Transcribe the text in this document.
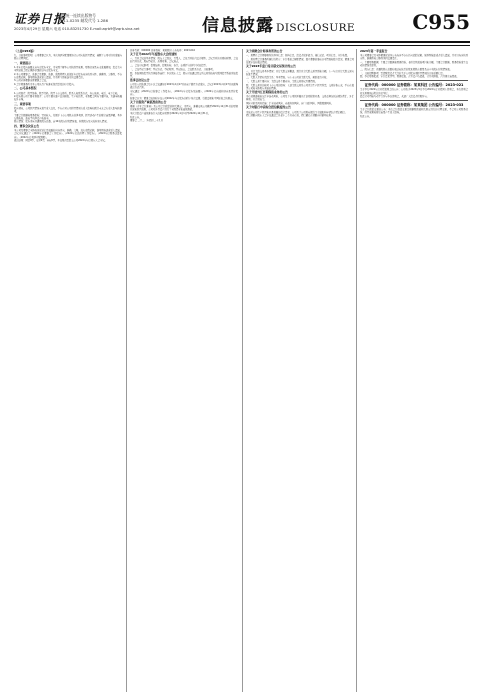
证券日报
国内统一连续出版物号
CN11-0235 邮发代号 1-286
2023年4月29日 星期六 电话 010-83251730 E-mail:zqrb9@zqrb.sina.net	信息披露 DISCLOSURE	C955

（上接C954版）

九、其他事项说明：公司董事会认为，本次利润分配预案符合公司实际经营情况，兼顾了公司可持续发展与股东合理回报。

一、重要提示

1.本年度报告摘要来自年度报告全文，为全面了解本公司的经营成果、财务状况及未来发展规划，投资者应当到证监会指定媒体仔细阅读年度报告全文。

2.本公司董事会、监事会及董事、监事、高级管理人员保证年度报告内容的真实性、准确性、完整性，不存在虚假记载、误导性陈述或重大遗漏，并承担个别和连带的法律责任。

3.公司全体董事出席董事会会议。

4.会计师事务所为本公司出具了标准无保留意见的审计报告。

二、公司基本情况

1.公司简介：股票简称、股票代码、股票上市交易所、联系人和联系方式、办公地址、电话、电子信箱。

2.报告期公司主要业务简介：公司主要从事产品的研发、生产和销售，业务覆盖国内主要区域，并逐步拓展海外市场。

三、重要事项

报告期内，公司经营情况未发生重大变化，不存在对公司经营情况有重大影响和预计未来会有重大影响的事项。

主要会计数据和财务指标：营业收入、归属于上市公司股东的净利润、经营活动产生的现金流量净额、基本每股收益、加权平均净资产收益率。

股东情况：报告期末普通股股东总数、前10名股东持股情况表、控股股东及实际控制人情况。

四、董事会决议公告

本公司及董事会全体成员保证信息披露的内容真实、准确、完整，没有虚假记载、误导性陈述或重大遗漏。

会议审议通过了《2022年度董事会工作报告》、《2022年度总经理工作报告》、《2022年度财务决算报告》、《2022年度利润分配预案》。

表决结果：同意9票，反对0票，弃权0票。本议案尚需提交公司2022年年度股东大会审议。

证券代码：000000 证券简称：某某股份 公告编号：2023-016

关于召开2022年年度股东大会的通知

一、召开会议的基本情况：股东大会届次、召集人、会议召开的合法合规性、会议召开的日期和时间、会议的召开方式、股权登记日、出席对象、会议地点。

二、会议审议事项：提案编码、提案名称、备注、该列打勾的栏目可以投票。

三、会议登记等事项：登记方式、登记时间、登记地点、会议联系方式、其他事项。

四、参加网络投票的具体操作流程：本次股东大会，股东可以通过深交所交易系统和互联网投票系统参加投票。

监事会决议公告

公司第八届监事会第十次会议通知于2023年4月17日以电子邮件方式发出，会议于2023年4月27日以现场表决方式召开。

审议通过《2022年度监事会工作报告》、《2022年年度报告及摘要》、《2022年度内部控制自我评价报告》。

监事会认为：董事会编制和审议公司2022年年度报告的程序符合法律、行政法规和中国证监会的规定。

关于计提资产减值准备的公告

根据《企业会计准则》及公司会计政策的相关规定，为真实、准确反映公司截至2022年12月31日的财务状况和经营成果，公司对各类资产进行了全面清查和减值测试。

本次计提资产减值准备计入的报告期间为2022年1月1日至2022年12月31日。

特此公告。

董事会 二〇二三年四月二十九日

关于续聘会计师事务所的公告

一、拟聘任会计师事务所的基本信息：机构信息、投资者保护能力、诚信记录、项目信息、审计收费。

二、拟续聘会计事务所履行的程序：审计委员会履职情况、独立董事的事前认可情况和独立意见、董事会对议案审议和表决情况。

关于2023年度日常关联交易预计的公告

一、日常关联交易基本情况：日常关联交易概述、预计日常关联交易类别和金额、上一年度日常关联交易实际发生情况。

二、关联人介绍和关联关系：基本情况、与上市公司的关联关系、履约能力分析。

三、关联交易主要内容：关联交易主要内容、关联交易协议签署情况。

四、关联交易目的和对上市公司的影响：上述关联交易系公司正常生产经营所需，交易价格公允，不存在损害公司和全体股东利益的情形。

关于开展外汇套期保值业务的公告

为有效规避和防范汇率波动风险，公司及子公司拟开展外汇套期保值业务，交易品种包括远期结售汇、外汇掉期、外汇期权等。

风险分析及风控措施：汇率波动风险、内部控制风险、客户违约风险、回款预测风险。

关于向银行申请综合授信额度的公告

为满足公司生产经营和业务发展的资金需求，公司及子公司拟向银行等金融机构申请综合授信额度。

授信期限自股东大会审议通过之日起十二个月内有效，授信额度在期限内可循环使用。

2023年第一季度报告

本公司董事会及全体董事保证本公告内容不存在任何虚假记载、误导性陈述或者重大遗漏，并对其内容的真实性、准确性和完整性承担法律责任。

一、主要财务数据：主要会计数据和财务指标、非经常性损益项目和金额、主要会计数据、财务指标发生变动的情况及原因。

二、股东信息：普通股股东总数和表决权恢复的优先股股东数量及前十名股东持股情况表。

三、其他提醒事项：需提醒投资者关注的关于公司报告期经营情况的其他重要信息。

四、季度财务报表：审计意见类型、财务报表、合并资产负债表、合并利润表、合并现金流量表。

证券代码：000000 证券简称：某某科技 公告编号：2023-021

关于举行2022年度业绩说明会的公告：公司将于2023年5月举行2022年度业绩网上说明会，本次说明会将采用网络远程的方式举行。

投资者可登陆互动平台参与本次说明会，欢迎广大投资者积极参与。

证券代码：000000 证券简称：某某集团 公告编号：2023-033

关于会计政策变更的公告：本次会计政策变更是根据财政部相关规定进行的合理变更，不会对公司财务状况、经营成果和现金流量产生重大影响。

特此公告。
